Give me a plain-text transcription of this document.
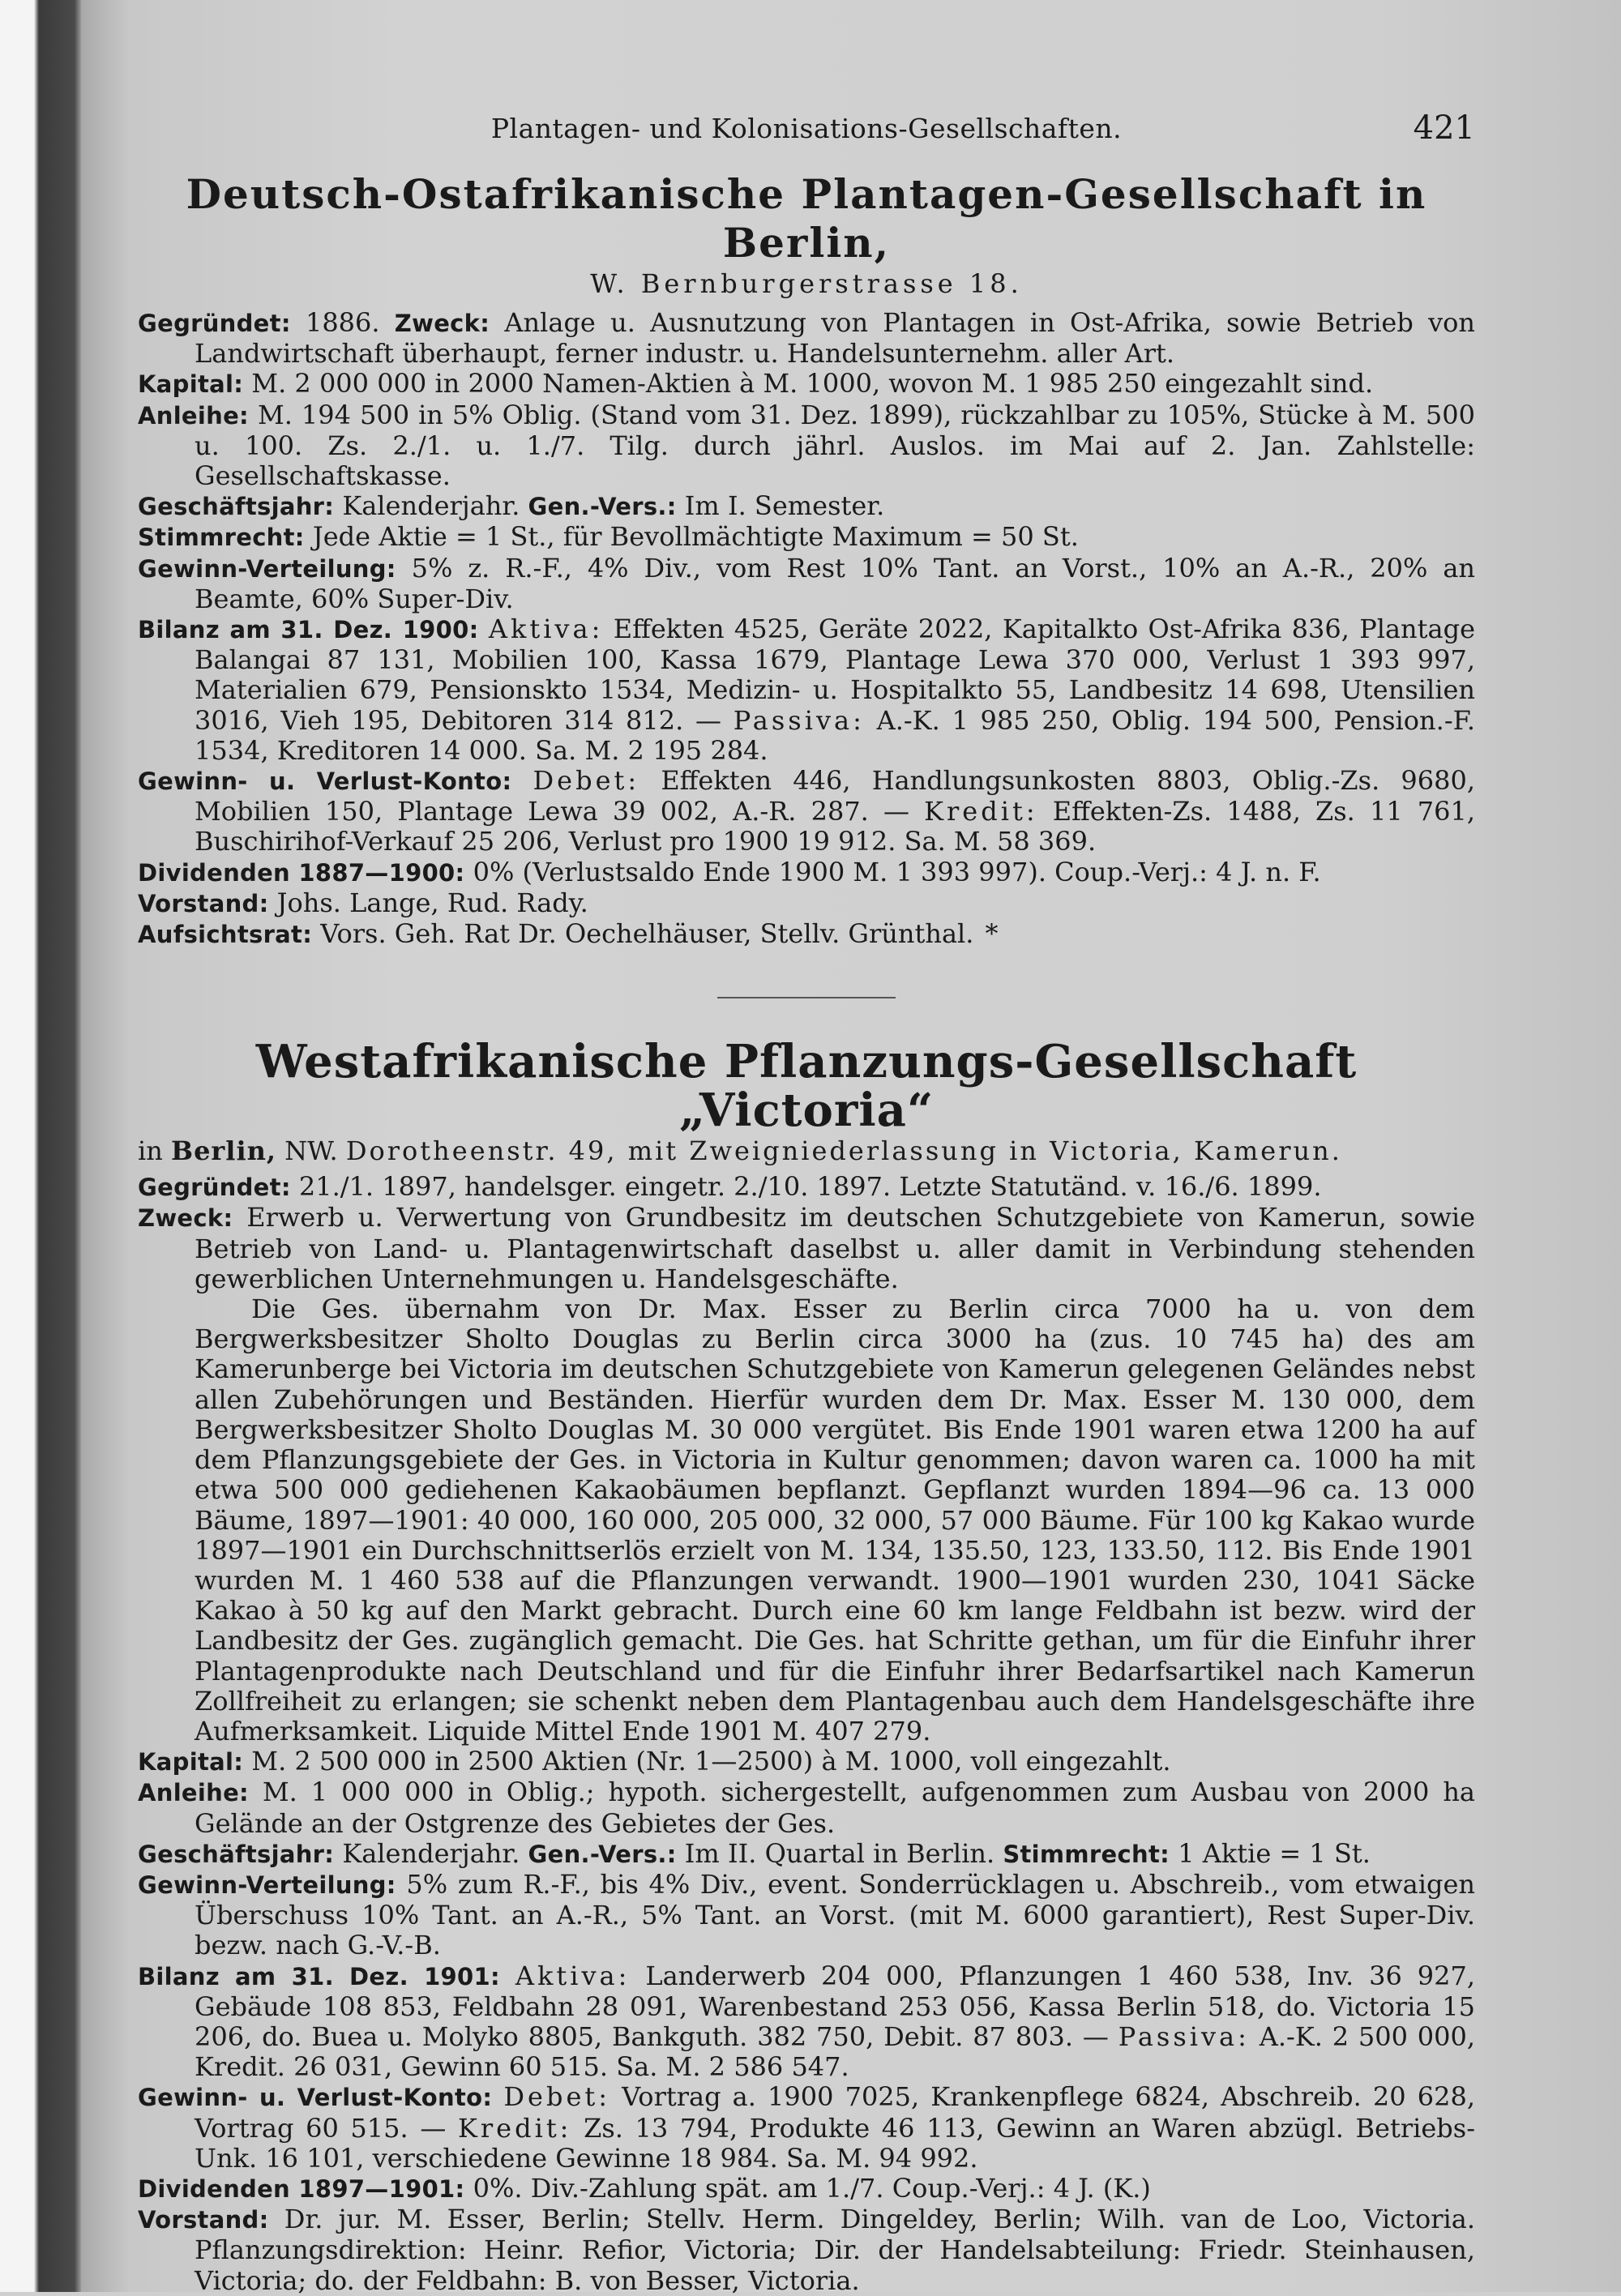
Plantagen- und Kolonisations-Gesellschaften.	421
Deutsch-Ostafrikanische Plantagen-Gesellschaft in Berlin,
W. Bernburgerstrasse 18.

Gegründet: 1886. Zweck: Anlage u. Ausnutzung von Plantagen in Ost-Afrika, sowie Betrieb von Landwirtschaft überhaupt, ferner industr. u. Handelsunternehm. aller Art.

Kapital: M. 2 000 000 in 2000 Namen-Aktien à M. 1000, wovon M. 1 985 250 eingezahlt sind.

Anleihe: M. 194 500 in 5% Oblig. (Stand vom 31. Dez. 1899), rückzahlbar zu 105%, Stücke à M. 500 u. 100. Zs. 2./1. u. 1./7. Tilg. durch jährl. Auslos. im Mai auf 2. Jan. Zahlstelle: Gesellschaftskasse.

Geschäftsjahr: Kalenderjahr. Gen.-Vers.: Im I. Semester.

Stimmrecht: Jede Aktie = 1 St., für Bevollmächtigte Maximum = 50 St.

Gewinn-Verteilung: 5% z. R.-F., 4% Div., vom Rest 10% Tant. an Vorst., 10% an A.-R., 20% an Beamte, 60% Super-Div.

Bilanz am 31. Dez. 1900: Aktiva: Effekten 4525, Geräte 2022, Kapitalkto Ost-Afrika 836, Plantage Balangai 87 131, Mobilien 100, Kassa 1679, Plantage Lewa 370 000, Verlust 1 393 997, Materialien 679, Pensionskto 1534, Medizin- u. Hospitalkto 55, Landbesitz 14 698, Utensilien 3016, Vieh 195, Debitoren 314 812. — Passiva: A.-K. 1 985 250, Oblig. 194 500, Pension.-F. 1534, Kreditoren 14 000. Sa. M. 2 195 284.

Gewinn- u. Verlust-Konto: Debet: Effekten 446, Handlungsunkosten 8803, Oblig.-Zs. 9680, Mobilien 150, Plantage Lewa 39 002, A.-R. 287. — Kredit: Effekten-Zs. 1488, Zs. 11 761, Buschirihof-Verkauf 25 206, Verlust pro 1900 19 912. Sa. M. 58 369.

Dividenden 1887—1900: 0% (Verlustsaldo Ende 1900 M. 1 393 997). Coup.-Verj.: 4 J. n. F.

Vorstand: Johs. Lange, Rud. Rady.

Aufsichtsrat: Vors. Geh. Rat Dr. Oechelhäuser, Stellv. Grünthal. *

Westafrikanische Pflanzungs-Gesellschaft „Victoria“
in Berlin, NW. Dorotheenstr. 49, mit Zweigniederlassung in Victoria, Kamerun.

Gegründet: 21./1. 1897, handelsger. eingetr. 2./10. 1897. Letzte Statutänd. v. 16./6. 1899.

Zweck: Erwerb u. Verwertung von Grundbesitz im deutschen Schutzgebiete von Kamerun, sowie Betrieb von Land- u. Plantagenwirtschaft daselbst u. aller damit in Verbindung stehenden gewerblichen Unternehmungen u. Handelsgeschäfte.

Die Ges. übernahm von Dr. Max. Esser zu Berlin circa 7000 ha u. von dem Bergwerksbesitzer Sholto Douglas zu Berlin circa 3000 ha (zus. 10 745 ha) des am Kamerunberge bei Victoria im deutschen Schutzgebiete von Kamerun gelegenen Geländes nebst allen Zubehörungen und Beständen. Hierfür wurden dem Dr. Max. Esser M. 130 000, dem Bergwerksbesitzer Sholto Douglas M. 30 000 vergütet. Bis Ende 1901 waren etwa 1200 ha auf dem Pflanzungsgebiete der Ges. in Victoria in Kultur genommen; davon waren ca. 1000 ha mit etwa 500 000 gediehenen Kakaobäumen bepflanzt. Gepflanzt wurden 1894—96 ca. 13 000 Bäume, 1897—1901: 40 000, 160 000, 205 000, 32 000, 57 000 Bäume. Für 100 kg Kakao wurde 1897—1901 ein Durchschnittserlös erzielt von M. 134, 135.50, 123, 133.50, 112. Bis Ende 1901 wurden M. 1 460 538 auf die Pflanzungen verwandt. 1900—1901 wurden 230, 1041 Säcke Kakao à 50 kg auf den Markt gebracht. Durch eine 60 km lange Feldbahn ist bezw. wird der Landbesitz der Ges. zugänglich gemacht. Die Ges. hat Schritte gethan, um für die Einfuhr ihrer Plantagenprodukte nach Deutschland und für die Einfuhr ihrer Bedarfsartikel nach Kamerun Zollfreiheit zu erlangen; sie schenkt neben dem Plantagenbau auch dem Handelsgeschäfte ihre Aufmerksamkeit. Liquide Mittel Ende 1901 M. 407 279.

Kapital: M. 2 500 000 in 2500 Aktien (Nr. 1—2500) à M. 1000, voll eingezahlt.

Anleihe: M. 1 000 000 in Oblig.; hypoth. sichergestellt, aufgenommen zum Ausbau von 2000 ha Gelände an der Ostgrenze des Gebietes der Ges.

Geschäftsjahr: Kalenderjahr. Gen.-Vers.: Im II. Quartal in Berlin. Stimmrecht: 1 Aktie = 1 St.

Gewinn-Verteilung: 5% zum R.-F., bis 4% Div., event. Sonderrücklagen u. Abschreib., vom etwaigen Überschuss 10% Tant. an A.-R., 5% Tant. an Vorst. (mit M. 6000 garantiert), Rest Super-Div. bezw. nach G.-V.-B.

Bilanz am 31. Dez. 1901: Aktiva: Landerwerb 204 000, Pflanzungen 1 460 538, Inv. 36 927, Gebäude 108 853, Feldbahn 28 091, Warenbestand 253 056, Kassa Berlin 518, do. Victoria 15 206, do. Buea u. Molyko 8805, Bankguth. 382 750, Debit. 87 803. — Passiva: A.-K. 2 500 000, Kredit. 26 031, Gewinn 60 515. Sa. M. 2 586 547.

Gewinn- u. Verlust-Konto: Debet: Vortrag a. 1900 7025, Krankenpflege 6824, Abschreib. 20 628, Vortrag 60 515. — Kredit: Zs. 13 794, Produkte 46 113, Gewinn an Waren abzügl. Betriebs-Unk. 16 101, verschiedene Gewinne 18 984. Sa. M. 94 992.

Dividenden 1897—1901: 0%. Div.-Zahlung spät. am 1./7. Coup.-Verj.: 4 J. (K.)

Vorstand: Dr. jur. M. Esser, Berlin; Stellv. Herm. Dingeldey, Berlin; Wilh. van de Loo, Victoria. Pflanzungsdirektion: Heinr. Refior, Victoria; Dir. der Handelsabteilung: Friedr. Steinhausen, Victoria; do. der Feldbahn: B. von Besser, Victoria.
